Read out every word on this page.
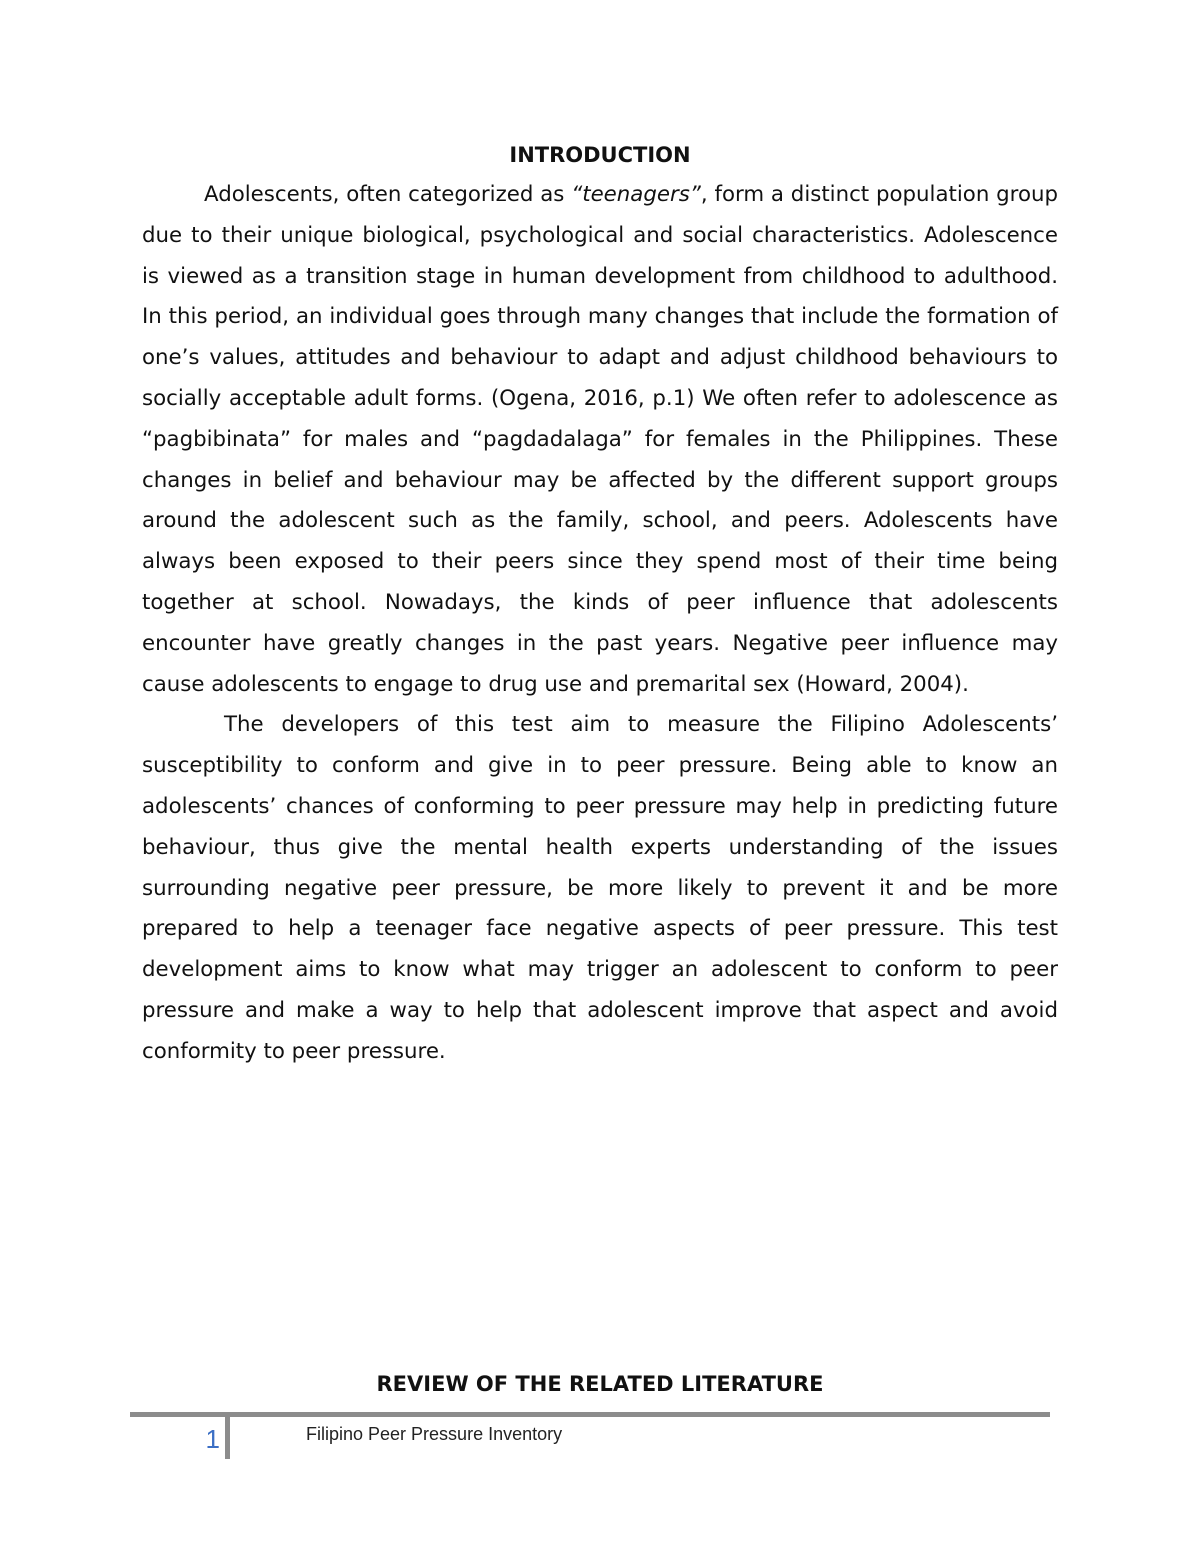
INTRODUCTION

Adolescents, often categorized as “teenagers”, form a distinct population group due to their unique biological, psychological and social characteristics. Adolescence is viewed as a transition stage in human development from childhood to adulthood. In this period, an individual goes through many changes that include the formation of one’s values, attitudes and behaviour to adapt and adjust childhood behaviours to socially acceptable adult forms. (Ogena, 2016, p.1) We often refer to adolescence as “pagbibinata” for males and “pagdadalaga” for females in the Philippines. These changes in belief and behaviour may be affected by the different support groups around the adolescent such as the family, school, and peers. Adolescents have always been exposed to their peers since they spend most of their time being together at school. Nowadays, the kinds of peer influence that adolescents encounter have greatly changes in the past years. Negative peer influence may cause adolescents to engage to drug use and premarital sex (Howard, 2004).

The developers of this test aim to measure the Filipino Adolescents’ susceptibility to conform and give in to peer pressure. Being able to know an adolescents’ chances of conforming to peer pressure may help in predicting future behaviour, thus give the mental health experts understanding of the issues surrounding negative peer pressure, be more likely to prevent it and be more prepared to help a teenager face negative aspects of peer pressure. This test development aims to know what may trigger an adolescent to conform to peer pressure and make a way to help that adolescent improve that aspect and avoid conformity to peer pressure.

REVIEW OF THE RELATED LITERATURE
1	Filipino Peer Pressure Inventory
